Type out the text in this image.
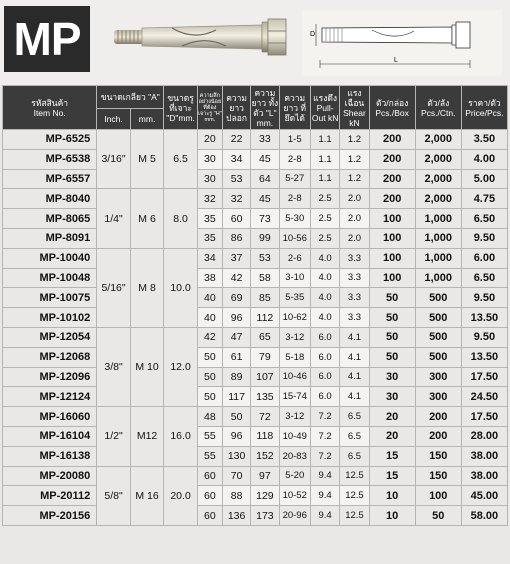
MP	D
L
รหัสสินค้า
Item No.	ขนาดเกลียว "A"		ขนาดรู ที่เจาะ "D"mm.	ความลึก อย่างน้อยที่ต้อง เจาะรู "H" mm.	ความยาว ปลอก	ความยาว ทั้งตัว "L" mm.	ความยาว ที่ยึดได้	แรงดึง Pull-Out kN	แรงเฉือน Shear kN	ตัว/กล่อง Pcs./Box	ตัว/ลัง Pcs./Ctn.	ราคา/ตัว Price/Pcs.
	Inch.	mm.										
MP-6525	3/16"	M 5	6.5	20	22	33	1-5	1.1	1.2	200	2,000	3.50
MP-6538				30	34	45	2-8	1.1	1.2	200	2,000	4.00
MP-6557				30	53	64	5-27	1.1	1.2	200	2,000	5.00
MP-8040	1/4"	M 6	8.0	32	32	45	2-8	2.5	2.0	200	2,000	4.75
MP-8065				35	60	73	5-30	2.5	2.0	100	1,000	6.50
MP-8091				35	86	99	10-56	2.5	2.0	100	1,000	9.50
MP-10040	5/16"	M 8	10.0	34	37	53	2-6	4.0	3.3	100	1,000	6.00
MP-10048				38	42	58	3-10	4.0	3.3	100	1,000	6.50
MP-10075				40	69	85	5-35	4.0	3.3	50	500	9.50
MP-10102				40	96	112	10-62	4.0	3.3	50	500	13.50
MP-12054	3/8"	M 10	12.0	42	47	65	3-12	6.0	4.1	50	500	9.50
MP-12068				50	61	79	5-18	6.0	4.1	50	500	13.50
MP-12096				50	89	107	10-46	6.0	4.1	30	300	17.50
MP-12124				50	117	135	15-74	6.0	4.1	30	300	24.50
MP-16060	1/2"	M12	16.0	48	50	72	3-12	7.2	6.5	20	200	17.50
MP-16104				55	96	118	10-49	7.2	6.5	20	200	28.00
MP-16138				55	130	152	20-83	7.2	6.5	15	150	38.00
MP-20080	5/8"	M 16	20.0	60	70	97	5-20	9.4	12.5	15	150	38.00
MP-20112				60	88	129	10-52	9.4	12.5	10	100	45.00
MP-20156				60	136	173	20-96	9.4	12.5	10	50	58.00
